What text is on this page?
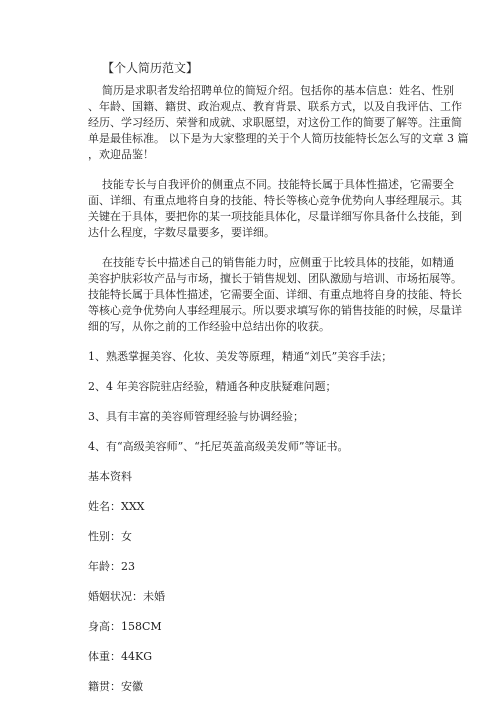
【个人简历范文】
简历是求职者发给招聘单位的简短介绍。包括你的基本信息：姓名、性别
、年龄、国籍、籍贯、政治观点、教育背景、联系方式，以及自我评估、工作
经历、学习经历、荣誉和成就、求职愿望，对这份工作的简要了解等。注重简
单是最佳标准。 以下是为大家整理的关于个人简历技能特长怎么写的文章 3 篇
，欢迎品鉴！
技能专长与自我评价的侧重点不同。技能特长属于具体性描述，它需要全
面、详细、有重点地将自身的技能、特长等核心竞争优势向人事经理展示。其
关键在于具体，要把你的某一项技能具体化，尽量详细写你具备什么技能，到
达什么程度，字数尽量要多，要详细。
在技能专长中描述自己的销售能力时，应侧重于比较具体的技能，如精通
美容护肤彩妆产品与市场，擅长于销售规划、团队激励与培训、市场拓展等。
技能特长属于具体性描述，它需要全面、详细、有重点地将自身的技能、特长
等核心竞争优势向人事经理展示。所以要求填写你的销售技能的时候，尽量详
细的写，从你之前的工作经验中总结出你的收获。
1、熟悉掌握美容、化妆、美发等原理，精通“刘氏”美容手法；
2、4 年美容院驻店经验，精通各种皮肤疑难问题；
3、具有丰富的美容师管理经验与协调经验；
4、有“高级美容师”、“托尼英盖高级美发师”等证书。
基本资料
姓名：XXX
性别：女
年龄：23
婚姻状况：未婚
身高：158CM
体重：44KG
籍贯：安徽
